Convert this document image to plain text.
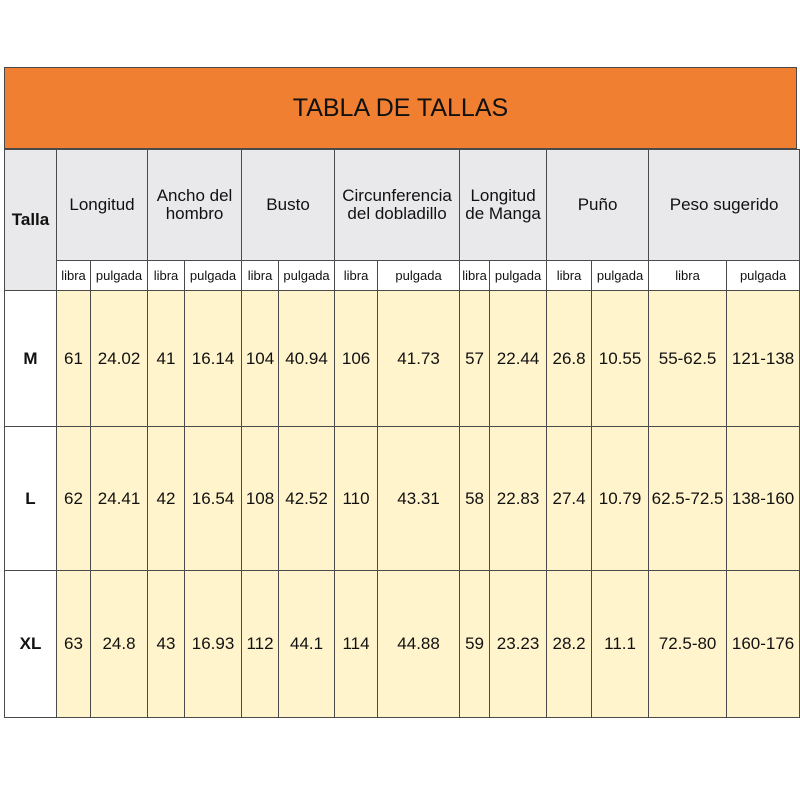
TABLA DE TALLAS
Talla	Longitud		Ancho del hombro		Busto		Circunferencia del dobladillo		Longitud de Manga		Puño		Peso sugerido	
	libra	pulgada	libra	pulgada	libra	pulgada	libra	pulgada	libra	pulgada	libra	pulgada	libra	pulgada
M	61	24.02	41	16.14	104	40.94	106	41.73	57	22.44	26.8	10.55	55-62.5	121-138
L	62	24.41	42	16.54	108	42.52	110	43.31	58	22.83	27.4	10.79	62.5-72.5	138-160
XL	63	24.8	43	16.93	112	44.1	114	44.88	59	23.23	28.2	11.1	72.5-80	160-176
